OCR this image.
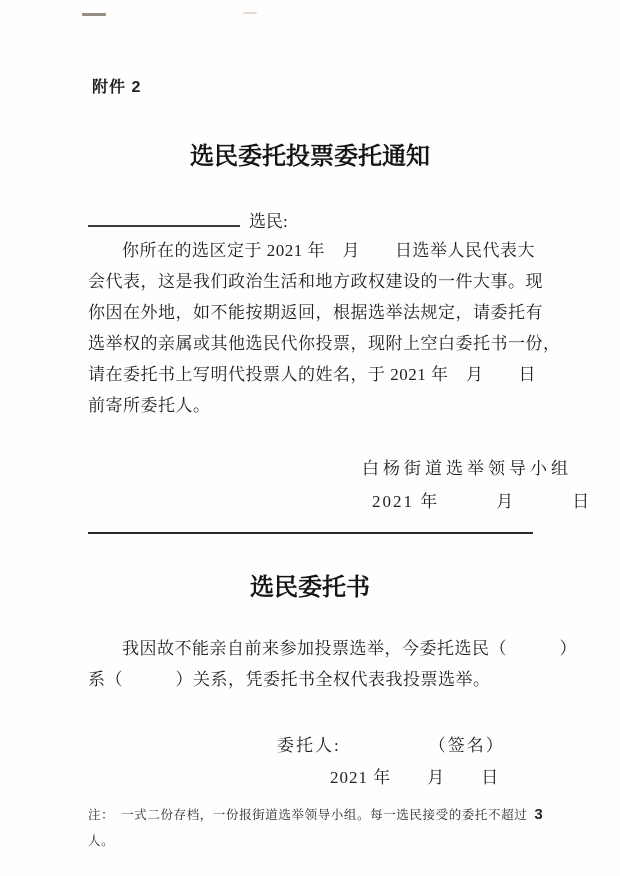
附件 2
选民委托投票委托通知
选民:
你所在的选区定于 2021 年　月　　日选举人民代表大
会代表，这是我们政治生活和地方政权建设的一件大事。现
你因在外地，如不能按期返回，根据选举法规定，请委托有
选举权的亲属或其他选民代你投票，现附上空白委托书一份，
请在委托书上写明代投票人的姓名，于 2021 年　月　　日
前寄所委托人。
白杨街道选举领导小组
2021 年　　　月　　　日
选民委托书
我因故不能亲自前来参加投票选举，今委托选民（　　　）
系（　　　）关系，凭委托书全权代表我投票选举。
委托人:	（签名）
2021 年　　月　　日
注： 一式二份存档，一份报街道选举领导小组。每一选民接受的委托不超过 3
人。
